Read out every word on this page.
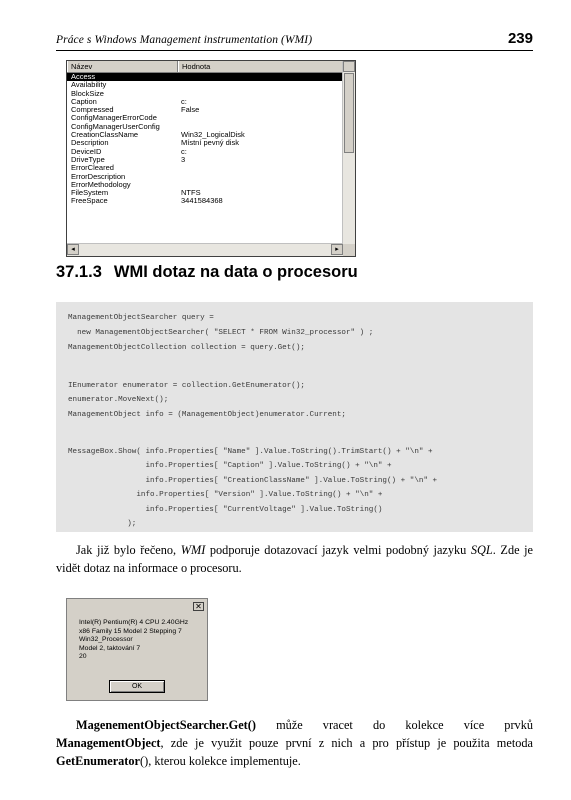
Práce s Windows Management instrumentation (WMI)	239
Název	Hodnota
Access
Availability
BlockSize
Caption	c:
Compressed	False
ConfigManagerErrorCode
ConfigManagerUserConfig
CreationClassName	Win32_LogicalDisk
Description	Místní pevný disk
DeviceID	c:
DriveType	3
ErrorCleared
ErrorDescription
ErrorMethodology
FileSystem	NTFS
FreeSpace	3441584368
◂	▸
37.1.3 WMI dotaz na data o procesoru
ManagementObjectSearcher query =
new ManagementObjectSearcher( "SELECT * FROM Win32_processor" ) ;
ManagementObjectCollection collection = query.Get();
IEnumerator enumerator = collection.GetEnumerator();
enumerator.MoveNext();
ManagementObject info = (ManagementObject)enumerator.Current;
MessageBox.Show( info.Properties[ "Name" ].Value.ToString().TrimStart() + "\n" +
info.Properties[ "Caption" ].Value.ToString() + "\n" +
info.Properties[ "CreationClassName" ].Value.ToString() + "\n" +
info.Properties[ "Version" ].Value.ToString() + "\n" +
info.Properties[ "CurrentVoltage" ].Value.ToString()
);
Jak již bylo řečeno, WMI podporuje dotazovací jazyk velmi podobný jazyku SQL. Zde je vidět dotaz na informace o procesoru.
✕
Intel(R) Pentium(R) 4 CPU 2.40GHz
x86 Family 15 Model 2 Stepping 7
Win32_Processor
Model 2, taktování 7
20
OK
MagenementObjectSearcher.Get() může vracet do kolekce více prvků ManagementObject, zde je využit pouze první z nich a pro přístup je použita metoda GetEnumerator(), kterou kolekce implementuje.
